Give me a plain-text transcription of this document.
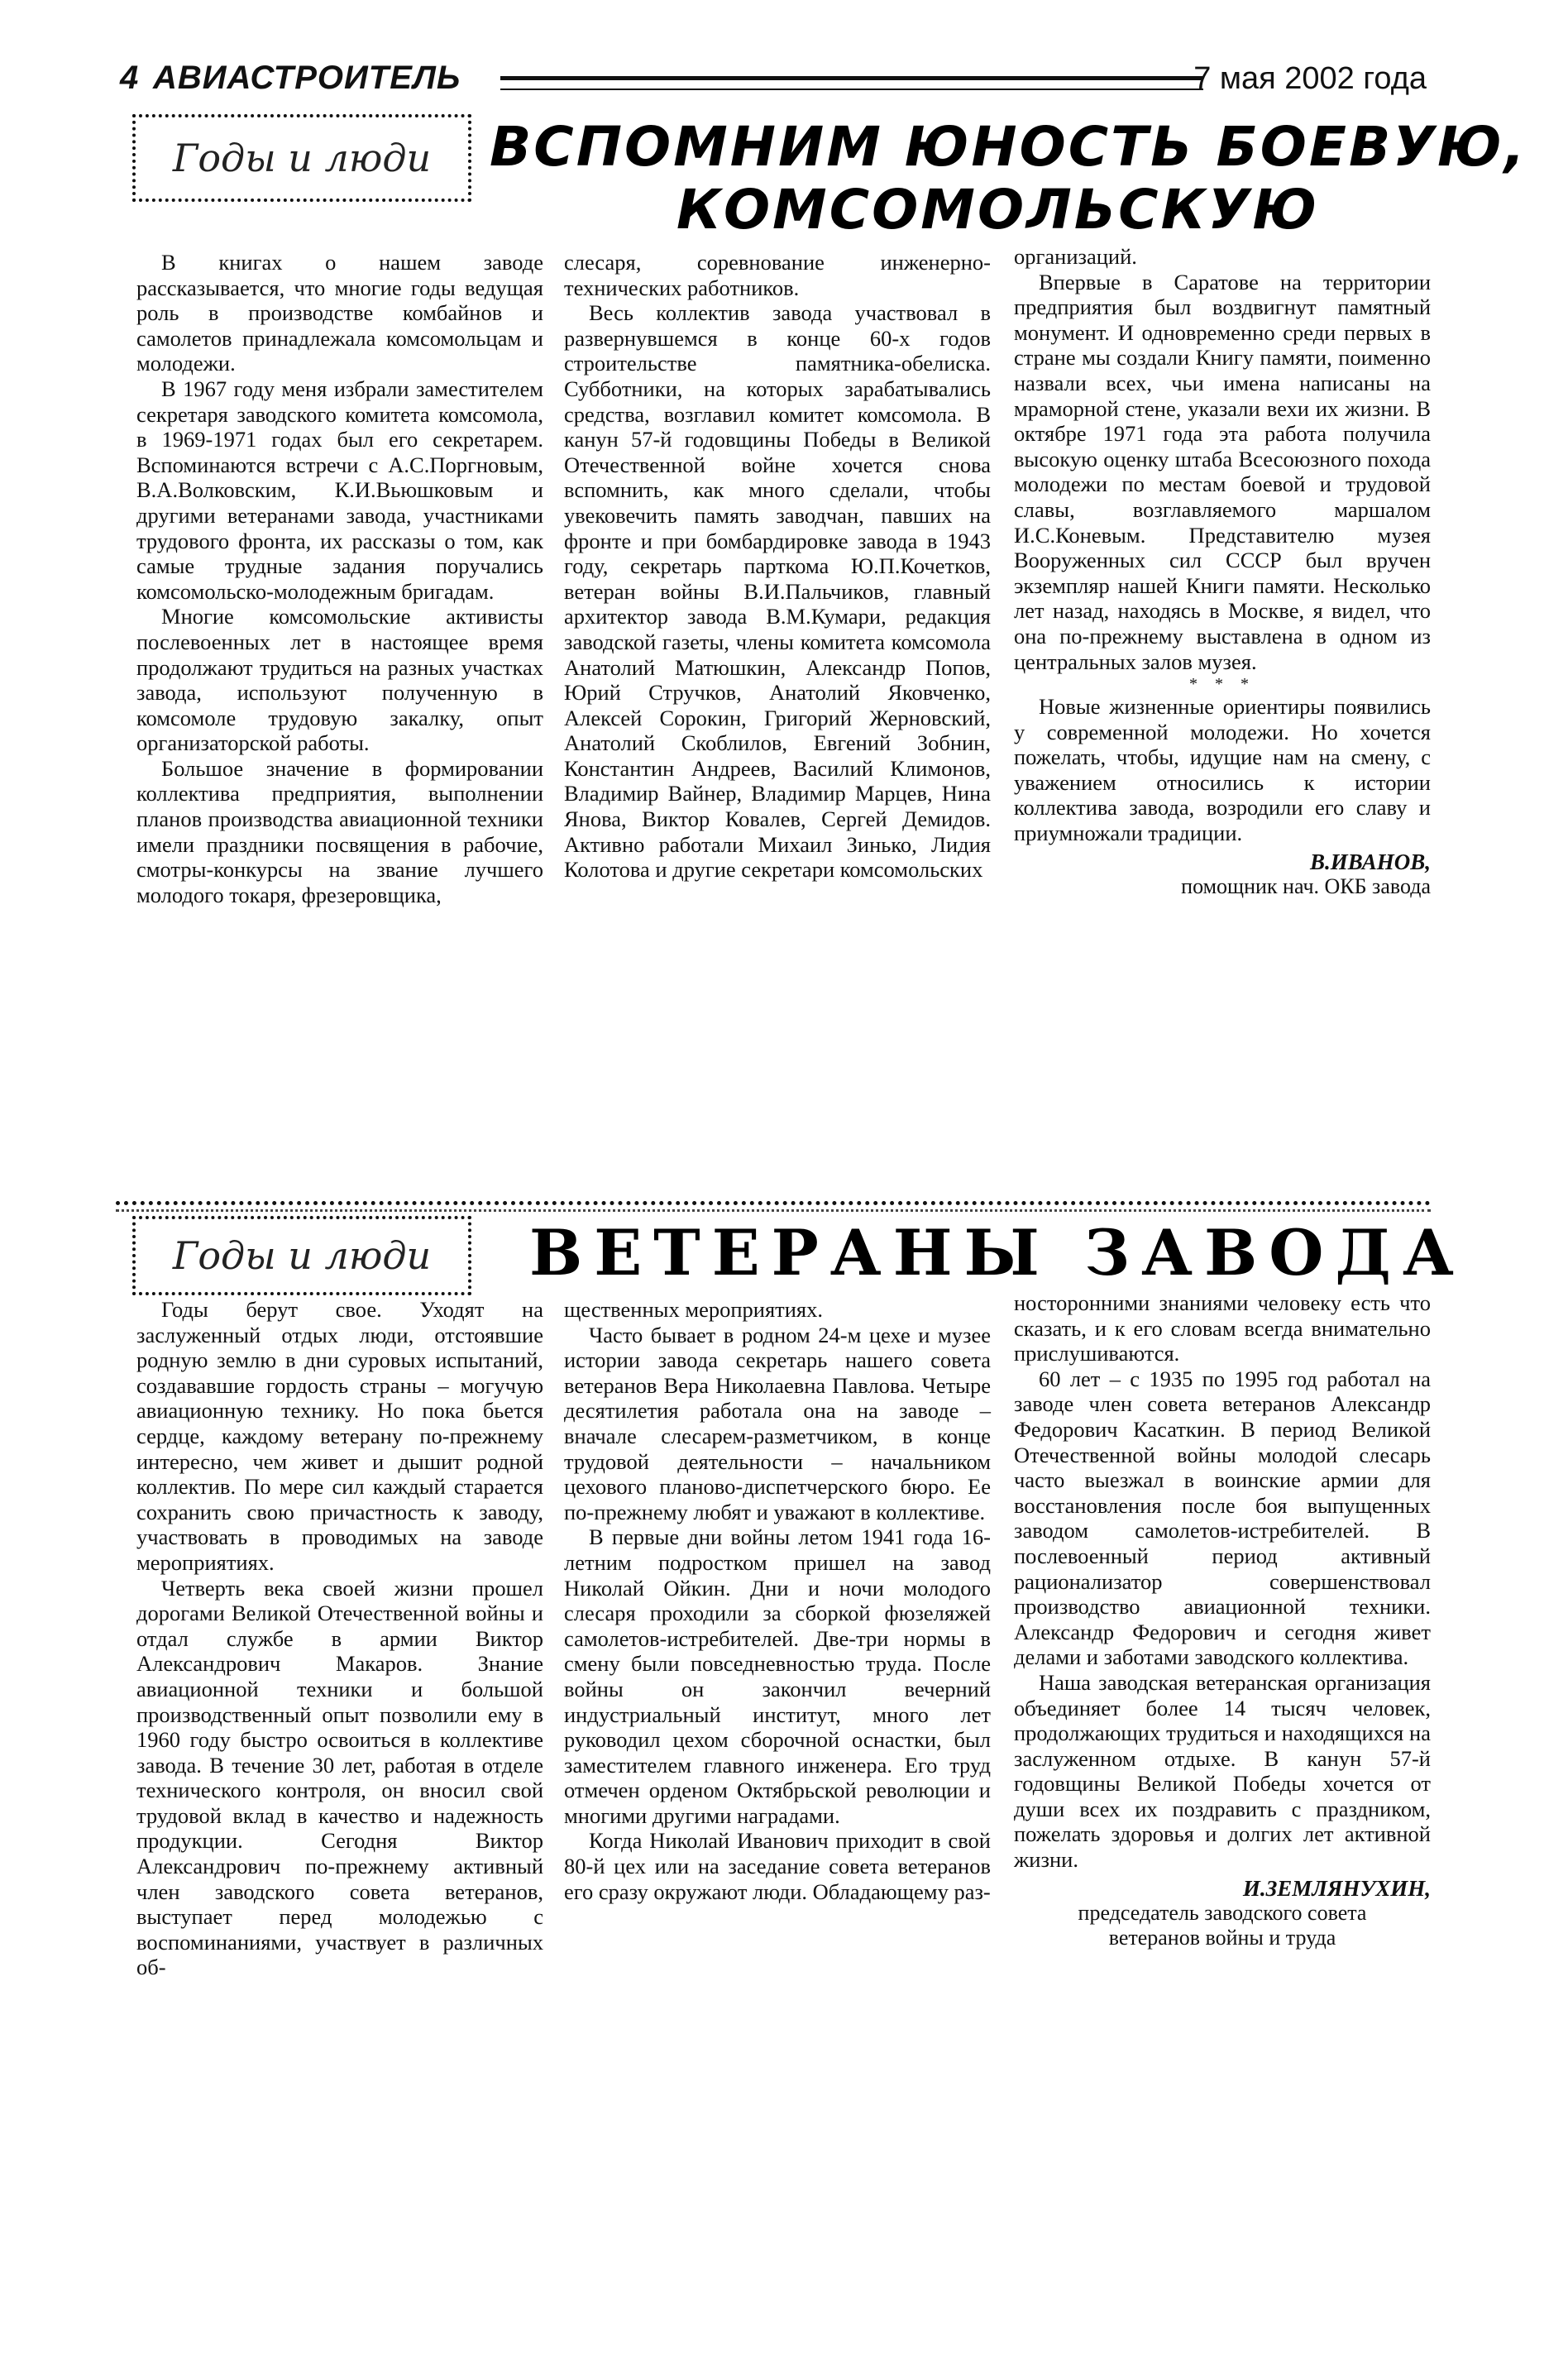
4 АВИАСТРОИТЕЛЬ	7 мая 2002 года
Годы и люди ВСПОМНИМ ЮНОСТЬ БОЕВУЮ,
КОМСОМОЛЬСКУЮ

В книгах о нашем заводе рассказывается, что многие годы ведущая роль в производстве комбайнов и самолетов принадлежала комсомольцам и молодежи.

В 1967 году меня избрали заместителем секретаря заводского комитета комсомола, в 1969-1971 годах был его секретарем. Вспоминаются встречи с А.С.Поргновым, В.А.Волковским, К.И.Вьюшковым и другими ветеранами завода, участниками трудового фронта, их рассказы о том, как самые трудные задания поручались комсомольско-молодежным бригадам.

Многие комсомольские активисты послевоенных лет в настоящее время продолжают трудиться на разных участках завода, используют полученную в комсомоле трудовую закалку, опыт организаторской работы.

Большое значение в формировании коллектива предприятия, выполнении планов производства авиационной техники имели праздники посвящения в рабочие, смотры-конкурсы на звание лучшего молодого токаря, фрезеровщика,

слесаря, соревнование инженерно-технических работников.

Весь коллектив завода участвовал в развернувшемся в конце 60-х годов строительстве памятника-обелиска. Субботники, на которых зарабатывались средства, возглавил комитет комсомола. В канун 57-й годовщины Победы в Великой Отечественной войне хочется снова вспомнить, как много сделали, чтобы увековечить память заводчан, павших на фронте и при бомбардировке завода в 1943 году, секретарь парткома Ю.П.Кочетков, ветеран войны В.И.Пальчиков, главный архитектор завода В.М.Кумари, редакция заводской газеты, члены комитета комсомола Анатолий Матюшкин, Александр Попов, Юрий Стручков, Анатолий Яковченко, Алексей Сорокин, Григорий Жерновский, Анатолий Скоблилов, Евгений Зобнин, Константин Андреев, Василий Климонов, Владимир Вайнер, Владимир Марцев, Нина Янова, Виктор Ковалев, Сергей Демидов. Активно работали Михаил Зинько, Лидия Колотова и другие секретари комсомольских

организаций.

Впервые в Саратове на территории предприятия был воздвигнут памятный монумент. И одновременно среди первых в стране мы создали Книгу памяти, поименно назвали всех, чьи имена написаны на мраморной стене, указали вехи их жизни. В октябре 1971 года эта работа получила высокую оценку штаба Всесоюзного похода молодежи по местам боевой и трудовой славы, возглавляемого маршалом И.С.Коневым. Представителю музея Вооруженных сил СССР был вручен экземпляр нашей Книги памяти. Несколько лет назад, находясь в Москве, я видел, что она по-прежнему выставлена в одном из центральных залов музея.

* * *

Новые жизненные ориентиры появились у современной молодежи. Но хочется пожелать, чтобы, идущие нам на смену, с уважением относились к истории коллектива завода, возродили его славу и приумножали традиции.

В.ИВАНОВ,
помощник нач. ОКБ завода
Годы и люди ВЕТЕРАНЫ ЗАВОДА

Годы берут свое. Уходят на заслуженный отдых люди, отстоявшие родную землю в дни суровых испытаний, создававшие гордость страны – могучую авиационную технику. Но пока бьется сердце, каждому ветерану по-прежнему интересно, чем живет и дышит родной коллектив. По мере сил каждый старается сохранить свою причастность к заводу, участвовать в проводимых на заводе мероприятиях.

Четверть века своей жизни прошел дорогами Великой Отечественной войны и отдал службе в армии Виктор Александрович Макаров. Знание авиационной техники и большой производственный опыт позволили ему в 1960 году быстро освоиться в коллективе завода. В течение 30 лет, работая в отделе технического контроля, он вносил свой трудовой вклад в качество и надежность продукции. Сегодня Виктор Александрович по-прежнему активный член заводского совета ветеранов, выступает перед молодежью с воспоминаниями, участвует в различных об-

щественных мероприятиях.

Часто бывает в родном 24-м цехе и музее истории завода секретарь нашего совета ветеранов Вера Николаевна Павлова. Четыре десятилетия работала она на заводе – вначале слесарем-разметчиком, в конце трудовой деятельности – начальником цехового планово-диспетчерского бюро. Ее по-прежнему любят и уважают в коллективе.

В первые дни войны летом 1941 года 16-летним подростком пришел на завод Николай Ойкин. Дни и ночи молодого слесаря проходили за сборкой фюзеляжей самолетов-истребителей. Две-три нормы в смену были повседневностью труда. После войны он закончил вечерний индустриальный институт, много лет руководил цехом сборочной оснастки, был заместителем главного инженера. Его труд отмечен орденом Октябрьской революции и многими другими наградами.

Когда Николай Иванович приходит в свой 80-й цех или на заседание совета ветеранов его сразу окружают люди. Обладающему раз-

носторонними знаниями человеку есть что сказать, и к его словам всегда внимательно прислушиваются.

60 лет – с 1935 по 1995 год работал на заводе член совета ветеранов Александр Федорович Касаткин. В период Великой Отечественной войны молодой слесарь часто выезжал в воинские армии для восстановления после боя выпущенных заводом самолетов-истребителей. В послевоенный период активный рационализатор совершенствовал производство авиационной техники. Александр Федорович и сегодня живет делами и заботами заводского коллектива.

Наша заводская ветеранская организация объединяет более 14 тысяч человек, продолжающих трудиться и находящихся на заслуженном отдыхе. В канун 57-й годовщины Великой Победы хочется от души всех их поздравить с праздником, пожелать здоровья и долгих лет активной жизни.

И.ЗЕМЛЯНУХИН,
председатель заводского совета
ветеранов войны и труда
